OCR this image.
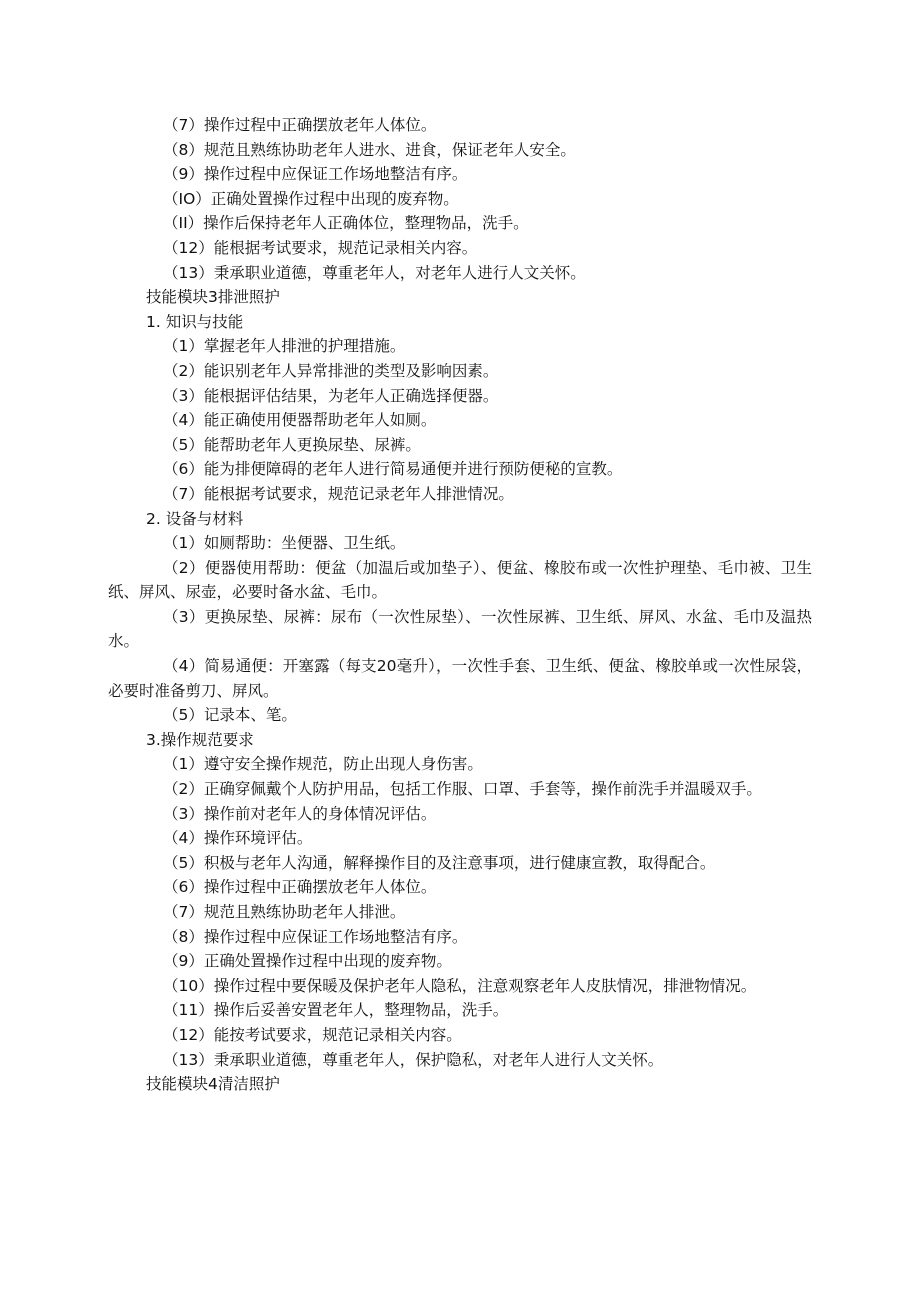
（7）操作过程中正确摆放老年人体位。

（8）规范且熟练协助老年人进水、进食，保证老年人安全。

（9）操作过程中应保证工作场地整洁有序。

（IO）正确处置操作过程中出现的废弃物。

（II）操作后保持老年人正确体位，整理物品，洗手。

（12）能根据考试要求，规范记录相关内容。

（13）秉承职业道德，尊重老年人，对老年人进行人文关怀。

技能模块3排泄照护

1. 知识与技能

（1）掌握老年人排泄的护理措施。

（2）能识别老年人异常排泄的类型及影响因素。

（3）能根据评估结果，为老年人正确选择便器。

（4）能正确使用便器帮助老年人如厕。

（5）能帮助老年人更换尿垫、尿裤。

（6）能为排便障碍的老年人进行简易通便并进行预防便秘的宣教。

（7）能根据考试要求，规范记录老年人排泄情况。

2. 设备与材料

（1）如厕帮助：坐便器、卫生纸。

（2）便器使用帮助：便盆（加温后或加垫子）、便盆、橡胶布或一次性护理垫、毛巾被、卫生纸、屏风、尿壶，必要时备水盆、毛巾。

（3）更换尿垫、尿裤：尿布（一次性尿垫）、一次性尿裤、卫生纸、屏风、水盆、毛巾及温热水。

（4）简易通便：开塞露（每支20毫升），一次性手套、卫生纸、便盆、橡胶单或一次性尿袋，必要时准备剪刀、屏风。

（5）记录本、笔。

3.操作规范要求

（1）遵守安全操作规范，防止出现人身伤害。

（2）正确穿佩戴个人防护用品，包括工作服、口罩、手套等，操作前洗手并温暖双手。

（3）操作前对老年人的身体情况评估。

（4）操作环境评估。

（5）积极与老年人沟通，解释操作目的及注意事项，进行健康宣教，取得配合。

（6）操作过程中正确摆放老年人体位。

（7）规范且熟练协助老年人排泄。

（8）操作过程中应保证工作场地整洁有序。

（9）正确处置操作过程中出现的废弃物。

（10）操作过程中要保暖及保护老年人隐私，注意观察老年人皮肤情况，排泄物情况。

（11）操作后妥善安置老年人，整理物品，洗手。

（12）能按考试要求，规范记录相关内容。

（13）秉承职业道德，尊重老年人，保护隐私，对老年人进行人文关怀。

技能模块4清洁照护
